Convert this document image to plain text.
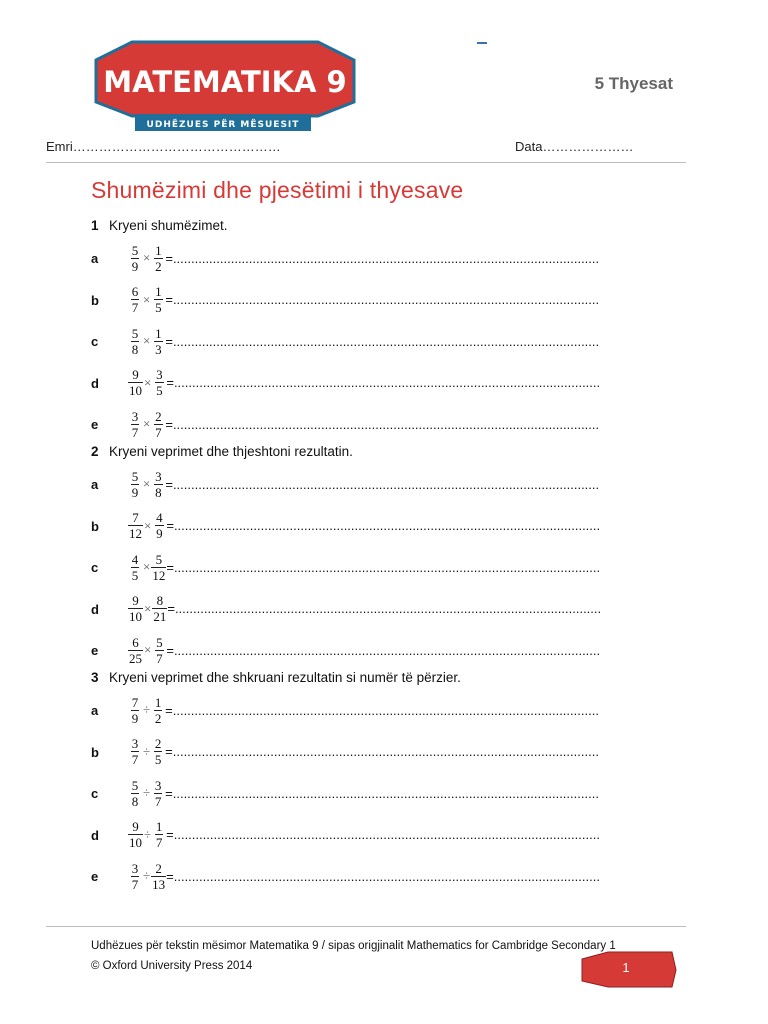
MATEMATIKA 9
UDHËZUES PËR MËSUESIT
5 Thyesat
Emri…………………………………………	Data…………………
Shumëzimi dhe pjesëtimi i thyesave
1 Kryeni shumëzimet.
a $\frac{5}{9} \times \frac{1}{2}$ = ......................................................................................................................
b $\frac{6}{7} \times \frac{1}{5}$ = ......................................................................................................................
c $\frac{5}{8} \times \frac{1}{3}$ = ......................................................................................................................
d $\frac{9}{10} \times \frac{3}{5}$ = ......................................................................................................................
e $\frac{3}{7} \times \frac{2}{7}$ = ......................................................................................................................
2 Kryeni veprimet dhe thjeshtoni rezultatin.
a $\frac{5}{9} \times \frac{3}{8}$ = ......................................................................................................................
b $\frac{7}{12} \times \frac{4}{9}$ = ......................................................................................................................
c $\frac{4}{5} \times \frac{5}{12}$ = ......................................................................................................................
d $\frac{9}{10} \times \frac{8}{21}$ = ......................................................................................................................
e $\frac{6}{25} \times \frac{5}{7}$ = ......................................................................................................................
3 Kryeni veprimet dhe shkruani rezultatin si numër të përzier.
a $\frac{7}{9} \div \frac{1}{2}$ = ......................................................................................................................
b $\frac{3}{7} \div \frac{2}{5}$ = ......................................................................................................................
c $\frac{5}{8} \div \frac{3}{7}$ = ......................................................................................................................
d $\frac{9}{10} \div \frac{1}{7}$ = ......................................................................................................................
e $\frac{3}{7} \div \frac{2}{13}$ = ......................................................................................................................
Udhëzues për tekstin mësimor Matematika 9 / sipas origjinalit Mathematics for Cambridge Secondary 1
© Oxford University Press 2014	1
